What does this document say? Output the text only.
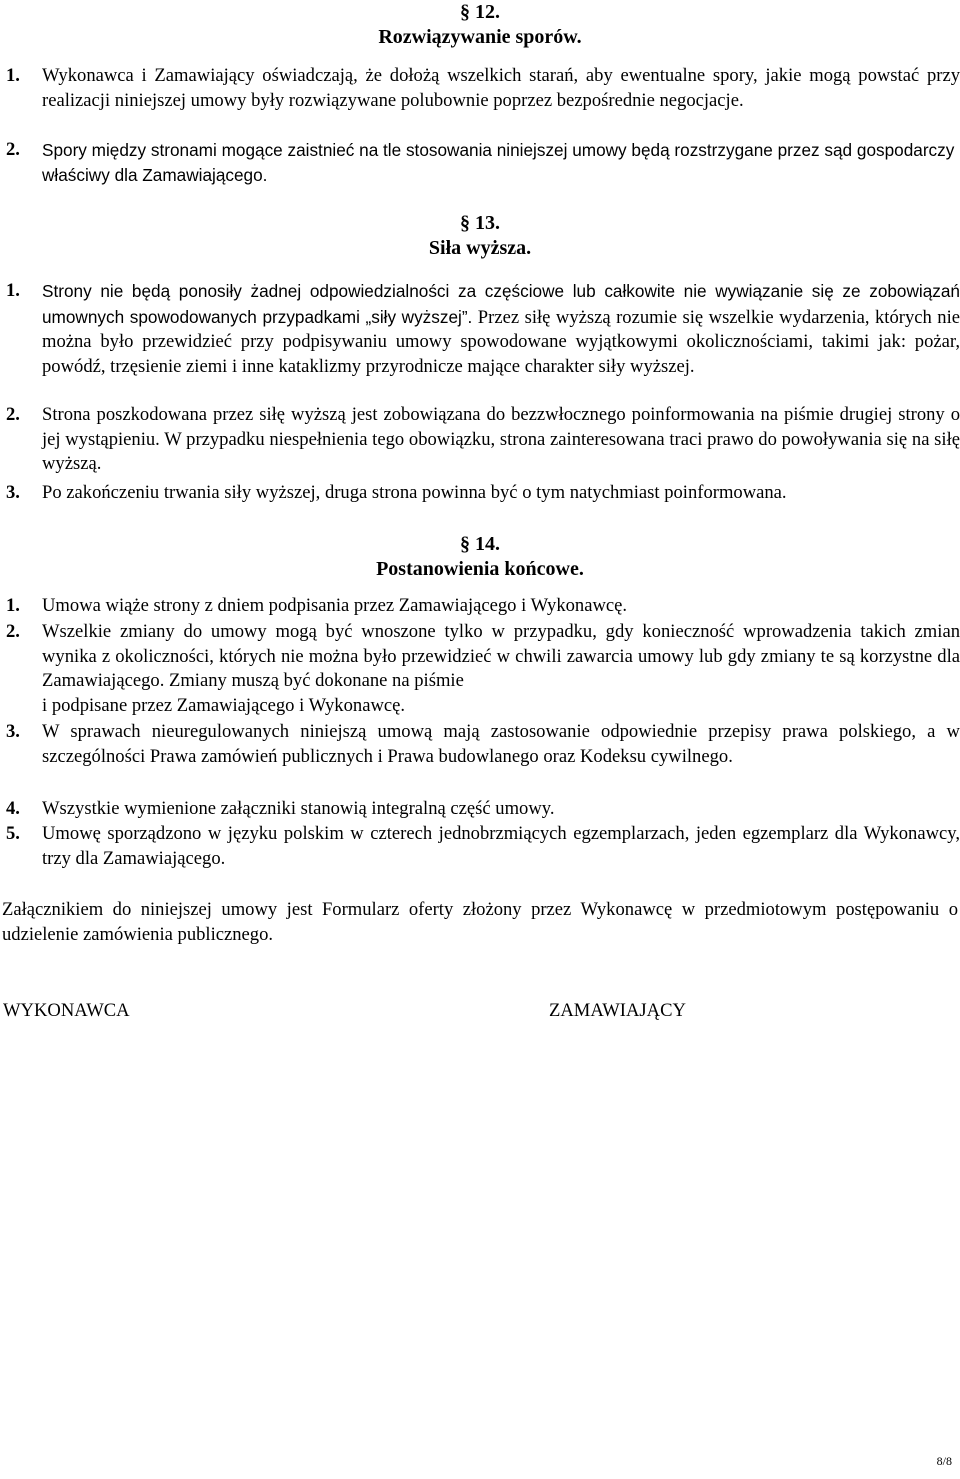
§ 12.
Rozwiązywanie sporów.
1. Wykonawca i Zamawiający oświadczają, że dołożą wszelkich starań, aby ewentualne spory, jakie mogą powstać przy realizacji niniejszej umowy były rozwiązywane polubownie poprzez bezpośrednie negocjacje.
2. Spory między stronami mogące zaistnieć na tle stosowania niniejszej umowy będą rozstrzygane przez sąd gospodarczy właściwy dla Zamawiającego.
§ 13.
Siła wyższa.
1. Strony nie będą ponosiły żadnej odpowiedzialności za częściowe lub całkowite nie wywiązanie się ze zobowiązań umownych spowodowanych przypadkami „siły wyższej”. Przez siłę wyższą rozumie się wszelkie wydarzenia, których nie można było przewidzieć przy podpisywaniu umowy spowodowane wyjątkowymi okolicznościami, takimi jak: pożar, powódź, trzęsienie ziemi i inne kataklizmy przyrodnicze mające charakter siły wyższej.
2. Strona poszkodowana przez siłę wyższą jest zobowiązana do bezzwłocznego poinformowania na piśmie drugiej strony o jej wystąpieniu. W przypadku niespełnienia tego obowiązku, strona zainteresowana traci prawo do powoływania się na siłę wyższą.
3. Po zakończeniu trwania siły wyższej, druga strona powinna być o tym natychmiast poinformowana.
§ 14.
Postanowienia końcowe.
1. Umowa wiąże strony z dniem podpisania przez Zamawiającego i Wykonawcę.
2. Wszelkie zmiany do umowy mogą być wnoszone tylko w przypadku, gdy konieczność wprowadzenia takich zmian wynika z okoliczności, których nie można było przewidzieć w chwili zawarcia umowy lub gdy zmiany te są korzystne dla Zamawiającego. Zmiany muszą być dokonane na piśmie
i podpisane przez Zamawiającego i Wykonawcę.
3. W sprawach nieuregulowanych niniejszą umową mają zastosowanie odpowiednie przepisy prawa polskiego, a w szczególności Prawa zamówień publicznych i Prawa budowlanego oraz Kodeksu cywilnego.
4. Wszystkie wymienione załączniki stanowią integralną część umowy.
5. Umowę sporządzono w języku polskim w czterech jednobrzmiących egzemplarzach, jeden egzemplarz dla Wykonawcy, trzy dla Zamawiającego.
Załącznikiem do niniejszej umowy jest Formularz oferty złożony przez Wykonawcę w przedmiotowym postępowaniu o udzielenie zamówienia publicznego.
WYKONAWCA	ZAMAWIAJĄCY
8/8
